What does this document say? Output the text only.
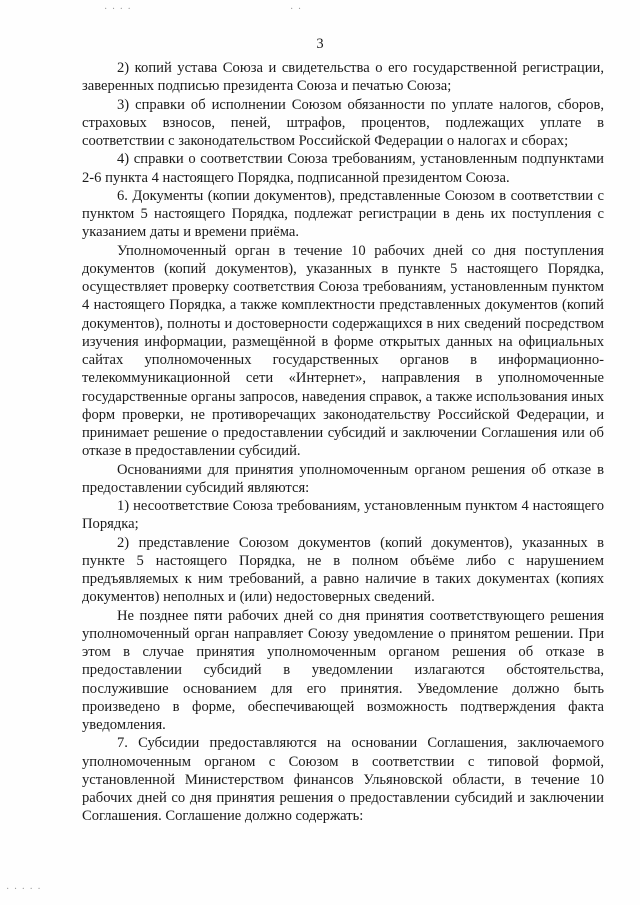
· · · ·	· ·
· · · · ·
3

2) копий устава Союза и свидетельства о его государственной регистрации, заверенных подписью президента Союза и печатью Союза;

3) справки об исполнении Союзом обязанности по уплате налогов, сборов, страховых взносов, пеней, штрафов, процентов, подлежащих уплате в соответствии с законодательством Российской Федерации о налогах и сборах;

4) справки о соответствии Союза требованиям, установленным подпунктами 2-6 пункта 4 настоящего Порядка, подписанной президентом Союза.

6. Документы (копии документов), представленные Союзом в соответствии с пунктом 5 настоящего Порядка, подлежат регистрации в день их поступления с указанием даты и времени приёма.

Уполномоченный орган в течение 10 рабочих дней со дня поступления документов (копий документов), указанных в пункте 5 настоящего Порядка, осуществляет проверку соответствия Союза требованиям, установленным пунктом 4 настоящего Порядка, а также комплектности представленных документов (копий документов), полноты и достоверности содержащихся в них сведений посредством изучения информации, размещённой в форме открытых данных на официальных сайтах уполномоченных государственных органов в информационно-телекоммуникационной сети «Интернет», направления в уполномоченные государственные органы запросов, наведения справок, а также использования иных форм проверки, не противоречащих законодательству Российской Федерации, и принимает решение о предоставлении субсидий и заключении Соглашения или об отказе в предоставлении субсидий.

Основаниями для принятия уполномоченным органом решения об отказе в предоставлении субсидий являются:

1) несоответствие Союза требованиям, установленным пунктом 4 настоящего Порядка;

2) представление Союзом документов (копий документов), указанных в пункте 5 настоящего Порядка, не в полном объёме либо с нарушением предъявляемых к ним требований, а равно наличие в таких документах (копиях документов) неполных и (или) недостоверных сведений.

Не позднее пяти рабочих дней со дня принятия соответствующего решения уполномоченный орган направляет Союзу уведомление о принятом решении. При этом в случае принятия уполномоченным органом решения об отказе в предоставлении субсидий в уведомлении излагаются обстоятельства, послужившие основанием для его принятия. Уведомление должно быть произведено в форме, обеспечивающей возможность подтверждения факта уведомления.

7. Субсидии предоставляются на основании Соглашения, заключаемого уполномоченным органом с Союзом в соответствии с типовой формой, установленной Министерством финансов Ульяновской области, в течение 10 рабочих дней со дня принятия решения о предоставлении субсидий и заключении Соглашения. Соглашение должно содержать:
